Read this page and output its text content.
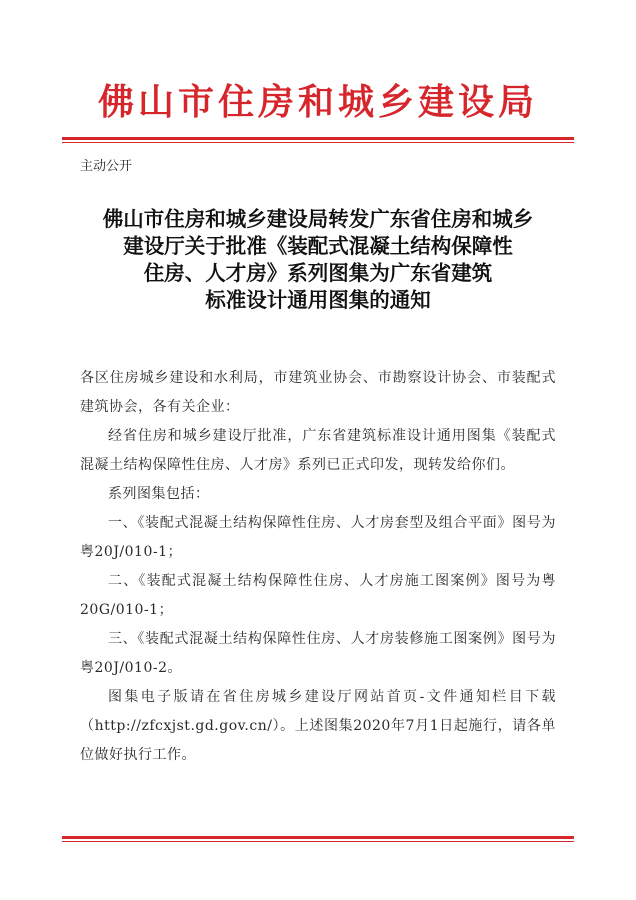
佛山市住房和城乡建设局
主动公开
佛山市住房和城乡建设局转发广东省住房和城乡
建设厅关于批准《装配式混凝土结构保障性
住房、人才房》系列图集为广东省建筑
标准设计通用图集的通知

各区住房城乡建设和水利局，市建筑业协会、市勘察设计协会、市装配式建筑协会，各有关企业：

经省住房和城乡建设厅批准，广东省建筑标准设计通用图集《装配式混凝土结构保障性住房、人才房》系列已正式印发，现转发给你们。

系列图集包括：

一、《装配式混凝土结构保障性住房、人才房套型及组合平面》图号为粤20J/010-1；

二、《装配式混凝土结构保障性住房、人才房施工图案例》图号为粤20G/010-1；

三、《装配式混凝土结构保障性住房、人才房装修施工图案例》图号为粤20J/010-2。

图集电子版请在省住房城乡建设厅网站首页-文件通知栏目下载（http://zfcxjst.gd.gov.cn/）。上述图集2020年7月1日起施行，请各单位做好执行工作。
